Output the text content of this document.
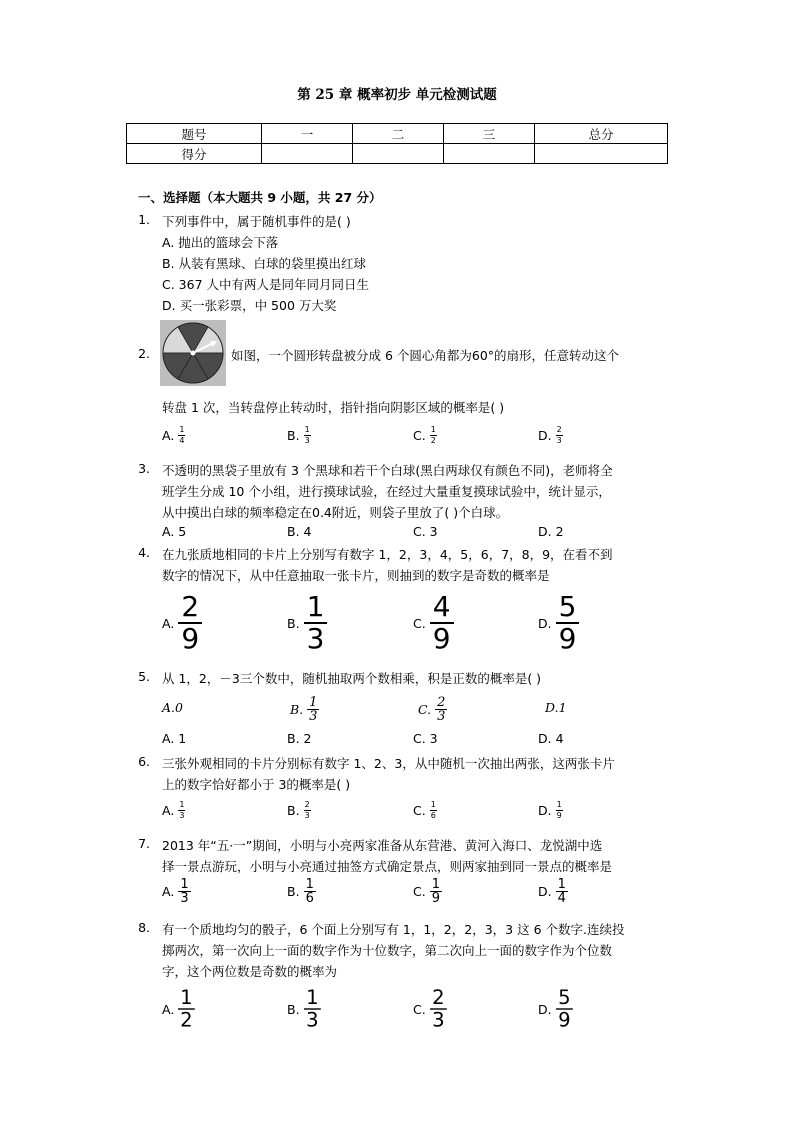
第 25 章 概率初步 单元检测试题
题号	一	二	三	总分
得分				
一、选择题（本大题共 9 小题，共 27 分）
1. 下列事件中，属于随机事件的是( )
A. 抛出的篮球会下落
B. 从装有黑球、白球的袋里摸出红球
C. 367 人中有两人是同年同月同日生
D. 买一张彩票，中 500 万大奖
2.	如图，一个圆形转盘被分成 6 个圆心角都为60°的扇形，任意转动这个
转盘 1 次，当转盘停止转动时，指针指向阴影区域的概率是( )
A. $\frac{1}{4}$	B. $\frac{1}{3}$	C. $\frac{1}{2}$	D. $\frac{2}{3}$
3. 不透明的黑袋子里放有 3 个黑球和若干个白球(黑白两球仅有颜色不同)，老师将全
班学生分成 10 个小组，进行摸球试验，在经过大量重复摸球试验中，统计显示，
从中摸出白球的频率稳定在0.4附近，则袋子里放了( )个白球。
A. 5	B. 4	C. 3	D. 2
4. 在九张质地相同的卡片上分别写有数字 1，2，3，4，5，6，7，8，9，在看不到
数字的情况下，从中任意抽取一张卡片，则抽到的数字是奇数的概率是
A. $\frac{2}{9}$	B. $\frac{1}{3}$	C. $\frac{4}{9}$	D. $\frac{5}{9}$
5. 从 1，2，－3三个数中，随机抽取两个数相乘，积是正数的概率是( )
A.0	B. $\frac{1}{3}$	C. $\frac{2}{3}$	D.1
A. 1	B. 2	C. 3	D. 4
6. 三张外观相同的卡片分别标有数字 1、2、3，从中随机一次抽出两张，这两张卡片
上的数字恰好都小于 3的概率是( )
A. $\frac{1}{3}$	B. $\frac{2}{3}$	C. $\frac{1}{6}$	D. $\frac{1}{9}$
7. 2013 年“五·一”期间，小明与小亮两家准备从东营港、黄河入海口、龙悦湖中选
择一景点游玩，小明与小亮通过抽签方式确定景点，则两家抽到同一景点的概率是
A. $\frac{1}{3}$	B. $\frac{1}{6}$	C. $\frac{1}{9}$	D. $\frac{1}{4}$
8. 有一个质地均匀的骰子，6 个面上分别写有 1，1，2，2，3，3 这 6 个数字.连续投
掷两次，第一次向上一面的数字作为十位数字，第二次向上一面的数字作为个位数
字，这个两位数是奇数的概率为
A. $\frac{1}{2}$	B. $\frac{1}{3}$	C. $\frac{2}{3}$	D. $\frac{5}{9}$
